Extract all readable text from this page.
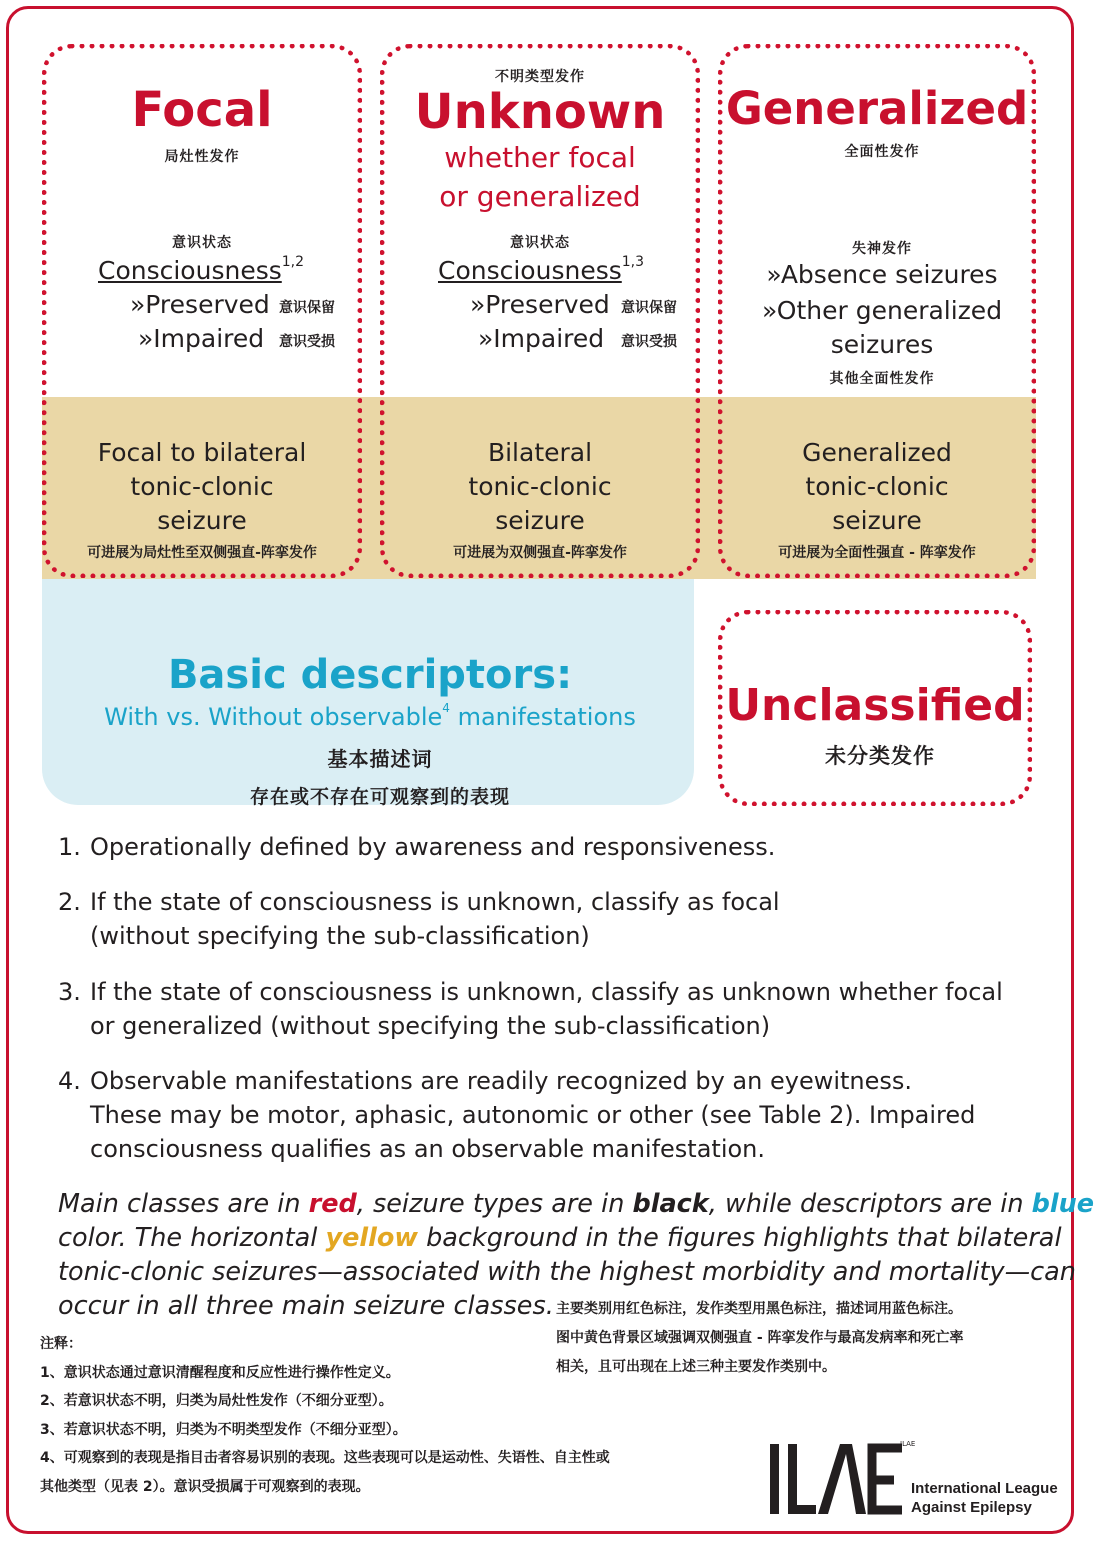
Focal
局灶性发作
意识状态
Consciousness$^{1,2}$
»Preserved 意识保留
»Impaired 意识受损
Focal to bilateral
tonic-clonic
seizure
可进展为局灶性至双侧强直-阵挛发作
不明类型发作
Unknown
whether focal
or generalized
意识状态
Consciousness$^{1,3}$
»Preserved 意识保留
»Impaired 意识受损
Bilateral
tonic-clonic
seizure
可进展为双侧强直-阵挛发作
Generalized
全面性发作
失神发作
»Absence seizures
»Other generalized
seizures
其他全面性发作
Generalized
tonic-clonic
seizure
可进展为全面性强直 - 阵挛发作
Basic descriptors:
With vs. Without observable$^4$ manifestations
基本描述词
存在或不存在可观察到的表现
Unclassified
未分类发作
1. Operationally defined by awareness and responsiveness.
2. If the state of consciousness is unknown, classify as focal
(without specifying the sub-classification)
3. If the state of consciousness is unknown, classify as unknown whether focal
or generalized (without specifying the sub-classification)
4. Observable manifestations are readily recognized by an eyewitness.
These may be motor, aphasic, autonomic or other (see Table 2). Impaired
consciousness qualifies as an observable manifestation.
Main classes are in red, seizure types are in black, while descriptors are in blue
color. The horizontal yellow background in the figures highlights that bilateral
tonic-clonic seizures—associated with the highest morbidity and mortality—can
occur in all three main seizure classes. 主要类别用红色标注，发作类型用黑色标注，描述词用蓝色标注。
图中黄色背景区域强调双侧强直 - 阵挛发作与最高发病率和死亡率
相关，且可出现在上述三种主要发作类别中。
注释：
1、意识状态通过意识清醒程度和反应性进行操作性定义。
2、若意识状态不明，归类为局灶性发作（不细分亚型）。
3、若意识状态不明，归类为不明类型发作（不细分亚型）。
4、可观察到的表现是指目击者容易识别的表现。这些表现可以是运动性、失语性、自主性或
其他类型（见表 2）。意识受损属于可观察到的表现。
ILAE
International League
Against Epilepsy
